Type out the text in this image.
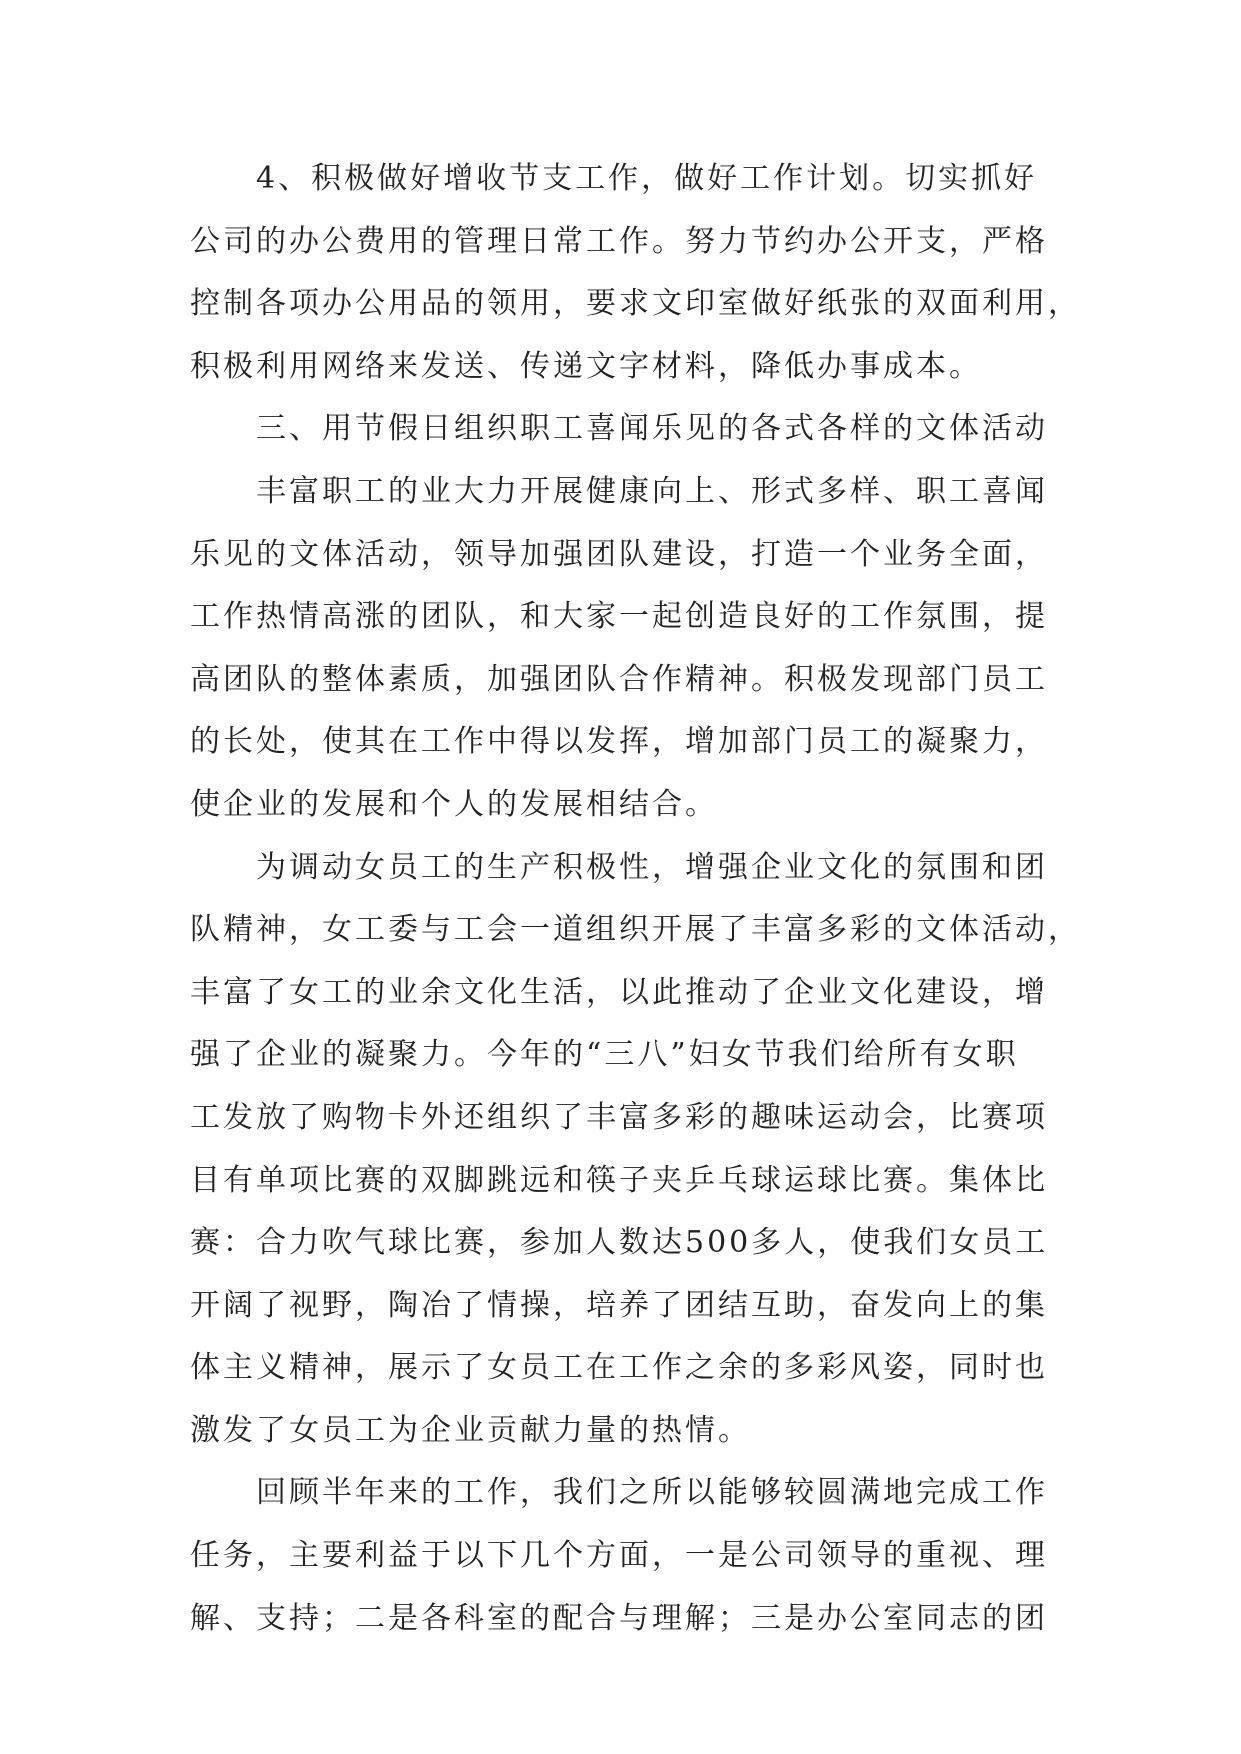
4、积极做好增收节支工作，做好工作计划。切实抓好
公司的办公费用的管理日常工作。努力节约办公开支，严格
控制各项办公用品的领用，要求文印室做好纸张的双面利用，
积极利用网络来发送、传递文字材料，降低办事成本。
三、用节假日组织职工喜闻乐见的各式各样的文体活动
丰富职工的业大力开展健康向上、形式多样、职工喜闻
乐见的文体活动，领导加强团队建设，打造一个业务全面，
工作热情高涨的团队，和大家一起创造良好的工作氛围，提
高团队的整体素质，加强团队合作精神。积极发现部门员工
的长处，使其在工作中得以发挥，增加部门员工的凝聚力，
使企业的发展和个人的发展相结合。
为调动女员工的生产积极性，增强企业文化的氛围和团
队精神，女工委与工会一道组织开展了丰富多彩的文体活动，
丰富了女工的业余文化生活，以此推动了企业文化建设，增
强了企业的凝聚力。今年的“三八”妇女节我们给所有女职
工发放了购物卡外还组织了丰富多彩的趣味运动会，比赛项
目有单项比赛的双脚跳远和筷子夹乒乓球运球比赛。集体比
赛：合力吹气球比赛，参加人数达500多人，使我们女员工
开阔了视野，陶冶了情操，培养了团结互助，奋发向上的集
体主义精神，展示了女员工在工作之余的多彩风姿，同时也
激发了女员工为企业贡献力量的热情。
回顾半年来的工作，我们之所以能够较圆满地完成工作
任务，主要利益于以下几个方面，一是公司领导的重视、理
解、支持；二是各科室的配合与理解；三是办公室同志的团
